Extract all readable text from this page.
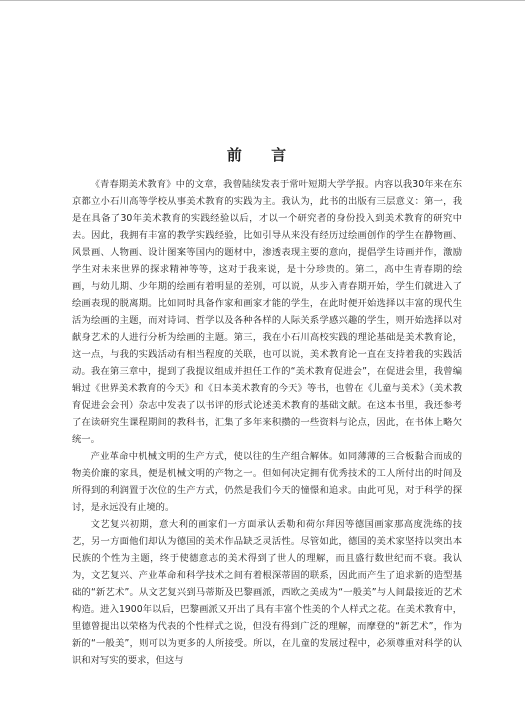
前 言

《青春期美术教育》中的文章，我曾陆续发表于常叶短期大学学报。内容以我30年来在东京都立小石川高等学校从事美术教育的实践为主。我认为，此书的出版有三层意义：第一，我是在具备了30年美术教育的实践经验以后，才以一个研究者的身份投入到美术教育的研究中去。因此，我拥有丰富的教学实践经验，比如引导从来没有经历过绘画创作的学生在静物画、风景画、人物画、设计图案等国内的题材中，渗透表现主要的意向，提倡学生诗画并作，激励学生对未来世界的探求精神等等，这对于我来说，是十分珍贵的。第二，高中生青春期的绘画，与幼儿期、少年期的绘画有着明显的差别，可以说，从步入青春期开始，学生们就进入了绘画表现的脱离期。比如同时具备作家和画家才能的学生，在此时便开始选择以丰富的现代生活为绘画的主题，而对诗词、哲学以及各种各样的人际关系学感兴趣的学生，则开始选择以对献身艺术的人进行分析为绘画的主题。第三，我在小石川高校实践的理论基础是美术教育论，这一点，与我的实践活动有相当程度的关联，也可以说，美术教育论一直在支持着我的实践活动。我在第三章中，提到了我提议组成并担任工作的“美术教育促进会”，在促进会里，我曾编辑过《世界美术教育的今天》和《日本美术教育的今天》等书，也曾在《儿童与美术》（美术教育促进会会刊）杂志中发表了以书评的形式论述美术教育的基础文献。在这本书里，我还参考了在读研究生课程期间的教科书，汇集了多年来积攒的一些资料与论点，因此，在书体上略欠统一。

产业革命中机械文明的生产方式，使以往的生产组合解体。如同薄薄的三合板黏合而成的物美价廉的家具，便是机械文明的产物之一。但如何决定拥有优秀技术的工人所付出的时间及所得到的利润置于次位的生产方式，仍然是我们今天的憧憬和追求。由此可见，对于科学的探讨，是永远没有止境的。

文艺复兴初期，意大利的画家们一方面承认丢勒和荷尔拜因等德国画家那高度洗练的技艺，另一方面他们却认为德国的美术作品缺乏灵活性。尽管如此，德国的美术家坚持以突出本民族的个性为主题，终于使德意志的美术得到了世人的理解，而且盛行数世纪而不衰。我认为，文艺复兴、产业革命和科学技术之间有着根深蒂固的联系，因此而产生了追求新的造型基础的“新艺术”。从文艺复兴到马蒂斯及巴黎画派，西欧之美成为“一般美”与人间最接近的艺术构造。进入1900年以后，巴黎画派又开出了具有丰富个性美的个人样式之花。在美术教育中，里德曾提出以荣格为代表的个性样式之说，但没有得到广泛的理解，而摩登的“新艺术”，作为新的“一般美”，则可以为更多的人所接受。所以，在儿童的发展过程中，必须尊重对科学的认识和对写实的要求，但这与
